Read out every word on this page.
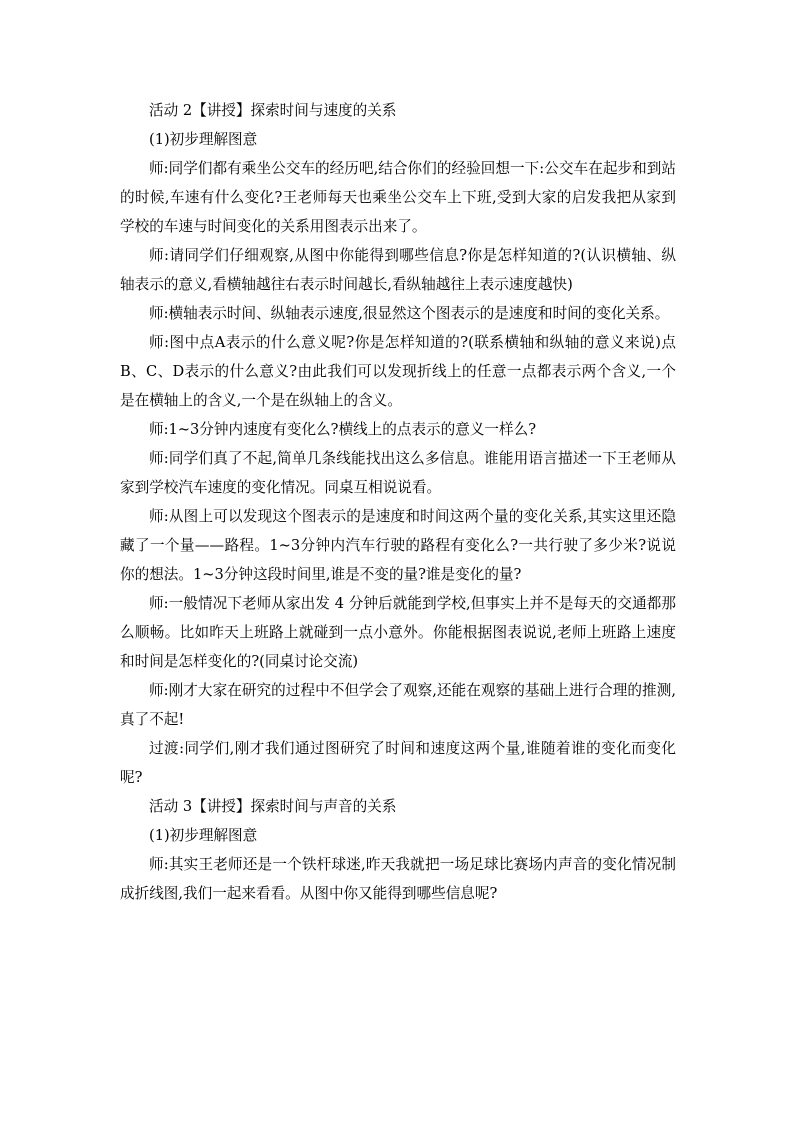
活动 2【讲授】探索时间与速度的关系

(1)初步理解图意

师:同学们都有乘坐公交车的经历吧,结合你们的经验回想一下:公交车在起步和到站的时候,车速有什么变化?王老师每天也乘坐公交车上下班,受到大家的启发我把从家到学校的车速与时间变化的关系用图表示出来了。

师:请同学们仔细观察,从图中你能得到哪些信息?你是怎样知道的?(认识横轴、纵轴表示的意义,看横轴越往右表示时间越长,看纵轴越往上表示速度越快)

师:横轴表示时间、纵轴表示速度,很显然这个图表示的是速度和时间的变化关系。

师:图中点A表示的什么意义呢?你是怎样知道的?(联系横轴和纵轴的意义来说)点 B、C、D表示的什么意义?由此我们可以发现折线上的任意一点都表示两个含义,一个是在横轴上的含义,一个是在纵轴上的含义。

师:1~3分钟内速度有变化么?横线上的点表示的意义一样么?

师:同学们真了不起,简单几条线能找出这么多信息。谁能用语言描述一下王老师从家到学校汽车速度的变化情况。同桌互相说说看。

师:从图上可以发现这个图表示的是速度和时间这两个量的变化关系,其实这里还隐藏了一个量——路程。1~3分钟内汽车行驶的路程有变化么?一共行驶了多少米?说说你的想法。1~3分钟这段时间里,谁是不变的量?谁是变化的量?

师:一般情况下老师从家出发 4 分钟后就能到学校,但事实上并不是每天的交通都那么顺畅。比如昨天上班路上就碰到一点小意外。你能根据图表说说,老师上班路上速度和时间是怎样变化的?(同桌讨论交流)

师:刚才大家在研究的过程中不但学会了观察,还能在观察的基础上进行合理的推测,真了不起!

过渡:同学们,刚才我们通过图研究了时间和速度这两个量,谁随着谁的变化而变化呢?

活动 3【讲授】探索时间与声音的关系

(1)初步理解图意

师:其实王老师还是一个铁杆球迷,昨天我就把一场足球比赛场内声音的变化情况制成折线图,我们一起来看看。从图中你又能得到哪些信息呢?
